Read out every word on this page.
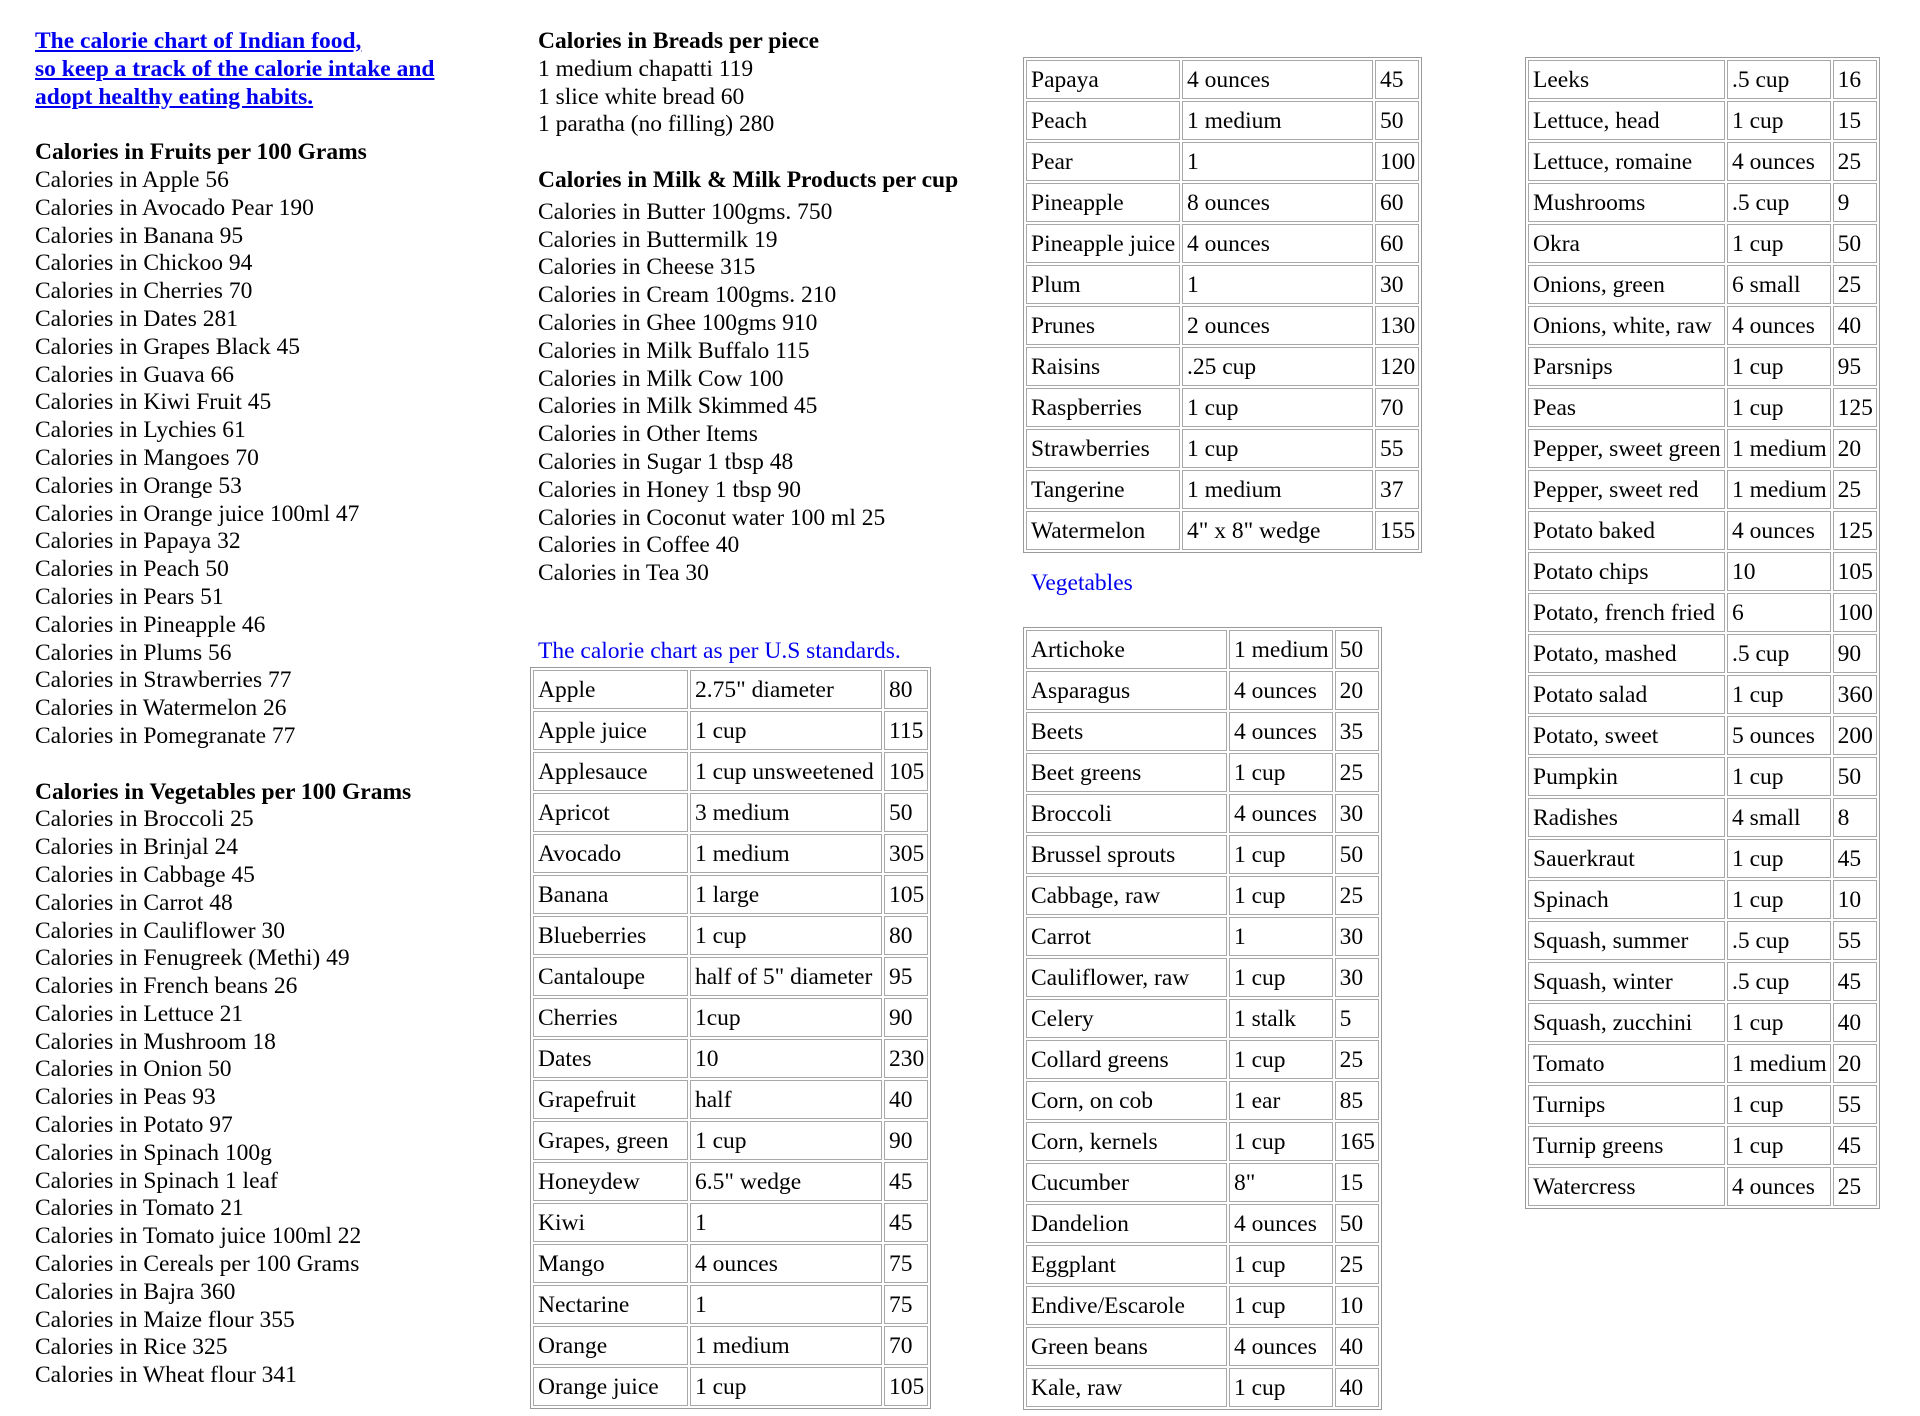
The calorie chart of Indian food,
so keep a track of the calorie intake and
adopt healthy eating habits.

Calories in Fruits per 100 Grams

Calories in Apple 56

Calories in Avocado Pear 190

Calories in Banana 95

Calories in Chickoo 94

Calories in Cherries 70

Calories in Dates 281

Calories in Grapes Black 45

Calories in Guava 66

Calories in Kiwi Fruit 45

Calories in Lychies 61

Calories in Mangoes 70

Calories in Orange 53

Calories in Orange juice 100ml 47

Calories in Papaya 32

Calories in Peach 50

Calories in Pears 51

Calories in Pineapple 46

Calories in Plums 56

Calories in Strawberries 77

Calories in Watermelon 26

Calories in Pomegranate 77

Calories in Vegetables per 100 Grams

Calories in Broccoli 25

Calories in Brinjal 24

Calories in Cabbage 45

Calories in Carrot 48

Calories in Cauliflower 30

Calories in Fenugreek (Methi) 49

Calories in French beans 26

Calories in Lettuce 21

Calories in Mushroom 18

Calories in Onion 50

Calories in Peas 93

Calories in Potato 97

Calories in Spinach 100g

Calories in Spinach 1 leaf

Calories in Tomato 21

Calories in Tomato juice 100ml 22

Calories in Cereals per 100 Grams

Calories in Bajra 360

Calories in Maize flour 355

Calories in Rice 325

Calories in Wheat flour 341

Calories in Breads per piece

1 medium chapatti 119

1 slice white bread 60

1 paratha (no filling) 280

Calories in Milk & Milk Products per cup

Calories in Butter 100gms. 750

Calories in Buttermilk 19

Calories in Cheese 315

Calories in Cream 100gms. 210

Calories in Ghee 100gms 910

Calories in Milk Buffalo 115

Calories in Milk Cow 100

Calories in Milk Skimmed 45

Calories in Other Items

Calories in Sugar 1 tbsp 48

Calories in Honey 1 tbsp 90

Calories in Coconut water 100 ml 25

Calories in Coffee 40

Calories in Tea 30

The calorie chart as per U.S standards.

Apple	2.75" diameter	80
Apple juice	1 cup	115
Applesauce	1 cup unsweetened	105
Apricot	3 medium	50
Avocado	1 medium	305
Banana	1 large	105
Blueberries	1 cup	80
Cantaloupe	half of 5" diameter	95
Cherries	1cup	90
Dates	10	230
Grapefruit	half	40
Grapes, green	1 cup	90
Honeydew	6.5" wedge	45
Kiwi	1	45
Mango	4 ounces	75
Nectarine	1	75
Orange	1 medium	70
Orange juice	1 cup	105
Papaya	4 ounces	45
Peach	1 medium	50
Pear	1	100
Pineapple	8 ounces	60
Pineapple juice	4 ounces	60
Plum	1	30
Prunes	2 ounces	130
Raisins	.25 cup	120
Raspberries	1 cup	70
Strawberries	1 cup	55
Tangerine	1 medium	37
Watermelon	4" x 8" wedge	155

Vegetables

Artichoke	1 medium	50
Asparagus	4 ounces	20
Beets	4 ounces	35
Beet greens	1 cup	25
Broccoli	4 ounces	30
Brussel sprouts	1 cup	50
Cabbage, raw	1 cup	25
Carrot	1	30
Cauliflower, raw	1 cup	30
Celery	1 stalk	5
Collard greens	1 cup	25
Corn, on cob	1 ear	85
Corn, kernels	1 cup	165
Cucumber	8"	15
Dandelion	4 ounces	50
Eggplant	1 cup	25
Endive/Escarole	1 cup	10
Green beans	4 ounces	40
Kale, raw	1 cup	40
Leeks	.5 cup	16
Lettuce, head	1 cup	15
Lettuce, romaine	4 ounces	25
Mushrooms	.5 cup	9
Okra	1 cup	50
Onions, green	6 small	25
Onions, white, raw	4 ounces	40
Parsnips	1 cup	95
Peas	1 cup	125
Pepper, sweet green	1 medium	20
Pepper, sweet red	1 medium	25
Potato baked	4 ounces	125
Potato chips	10	105
Potato, french fried	6	100
Potato, mashed	.5 cup	90
Potato salad	1 cup	360
Potato, sweet	5 ounces	200
Pumpkin	1 cup	50
Radishes	4 small	8
Sauerkraut	1 cup	45
Spinach	1 cup	10
Squash, summer	.5 cup	55
Squash, winter	.5 cup	45
Squash, zucchini	1 cup	40
Tomato	1 medium	20
Turnips	1 cup	55
Turnip greens	1 cup	45
Watercress	4 ounces	25
